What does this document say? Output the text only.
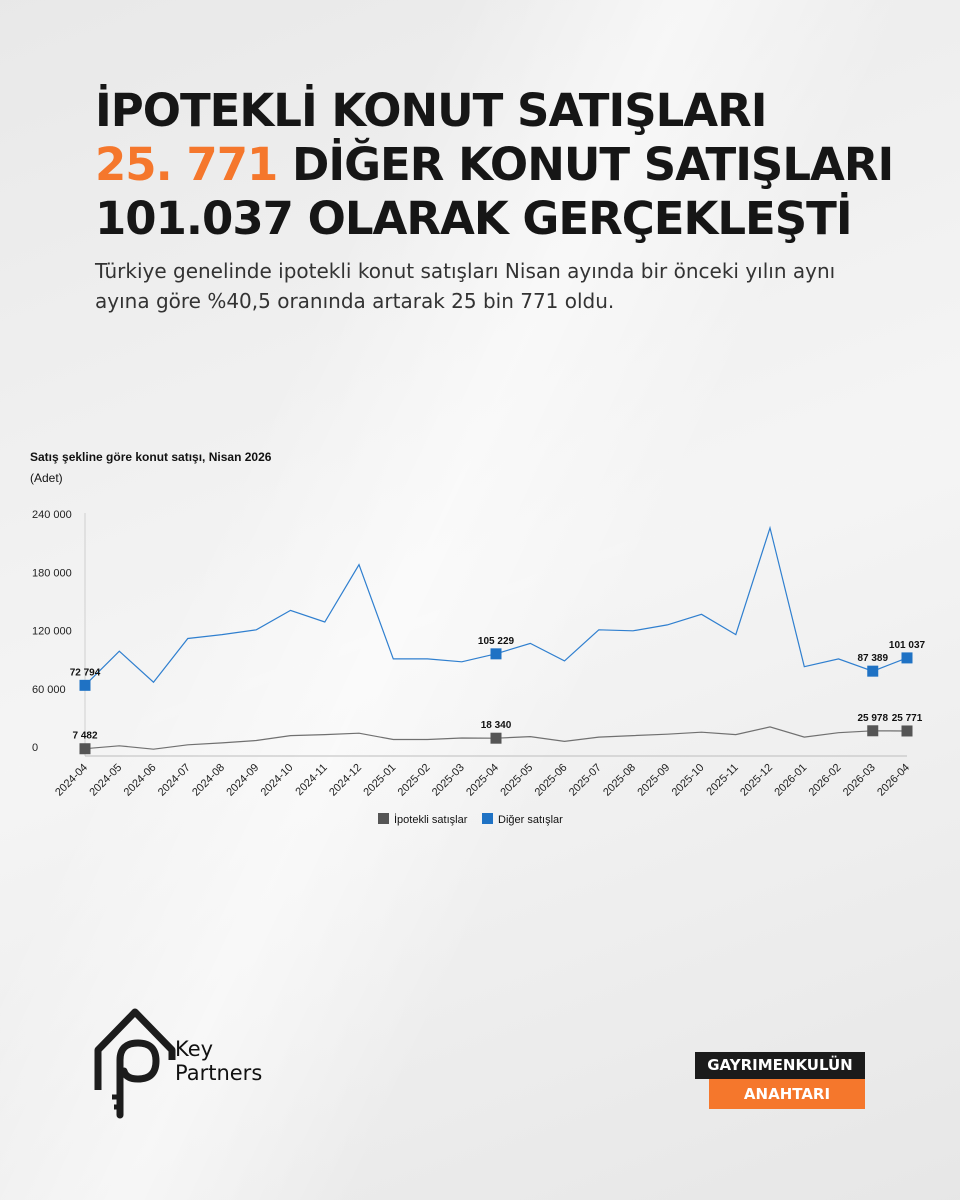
İPOTEKLİ KONUT SATIŞLARI
25. 771 DİĞER KONUT SATIŞLARI
101.037 OLARAK GERÇEKLEŞTİ

Türkiye genelinde ipotekli konut satışları Nisan ayında bir önceki yılın aynı ayına göre %40,5 oranında artarak 25 bin 771 oldu.

Satış şekline göre konut satışı, Nisan 2026
(Adet)
0
60 000
120 000
180 000
240 000
2024-04
2024-05
2024-06
2024-07
2024-08
2024-09
2024-10
2024-11
2024-12
2025-01
2025-02
2025-03
2025-04
2025-05
2025-06
2025-07
2025-08
2025-09
2025-10
2025-11
2025-12
2026-01
2026-02
2026-03
2026-04
7 482
18 340
25 978 25 771
72 794
105 229
87 389
101 037
İpotekli satışlar	Diğer satışlar
Key
Partners	GAYRIMENKULÜN
ANAHTARI
